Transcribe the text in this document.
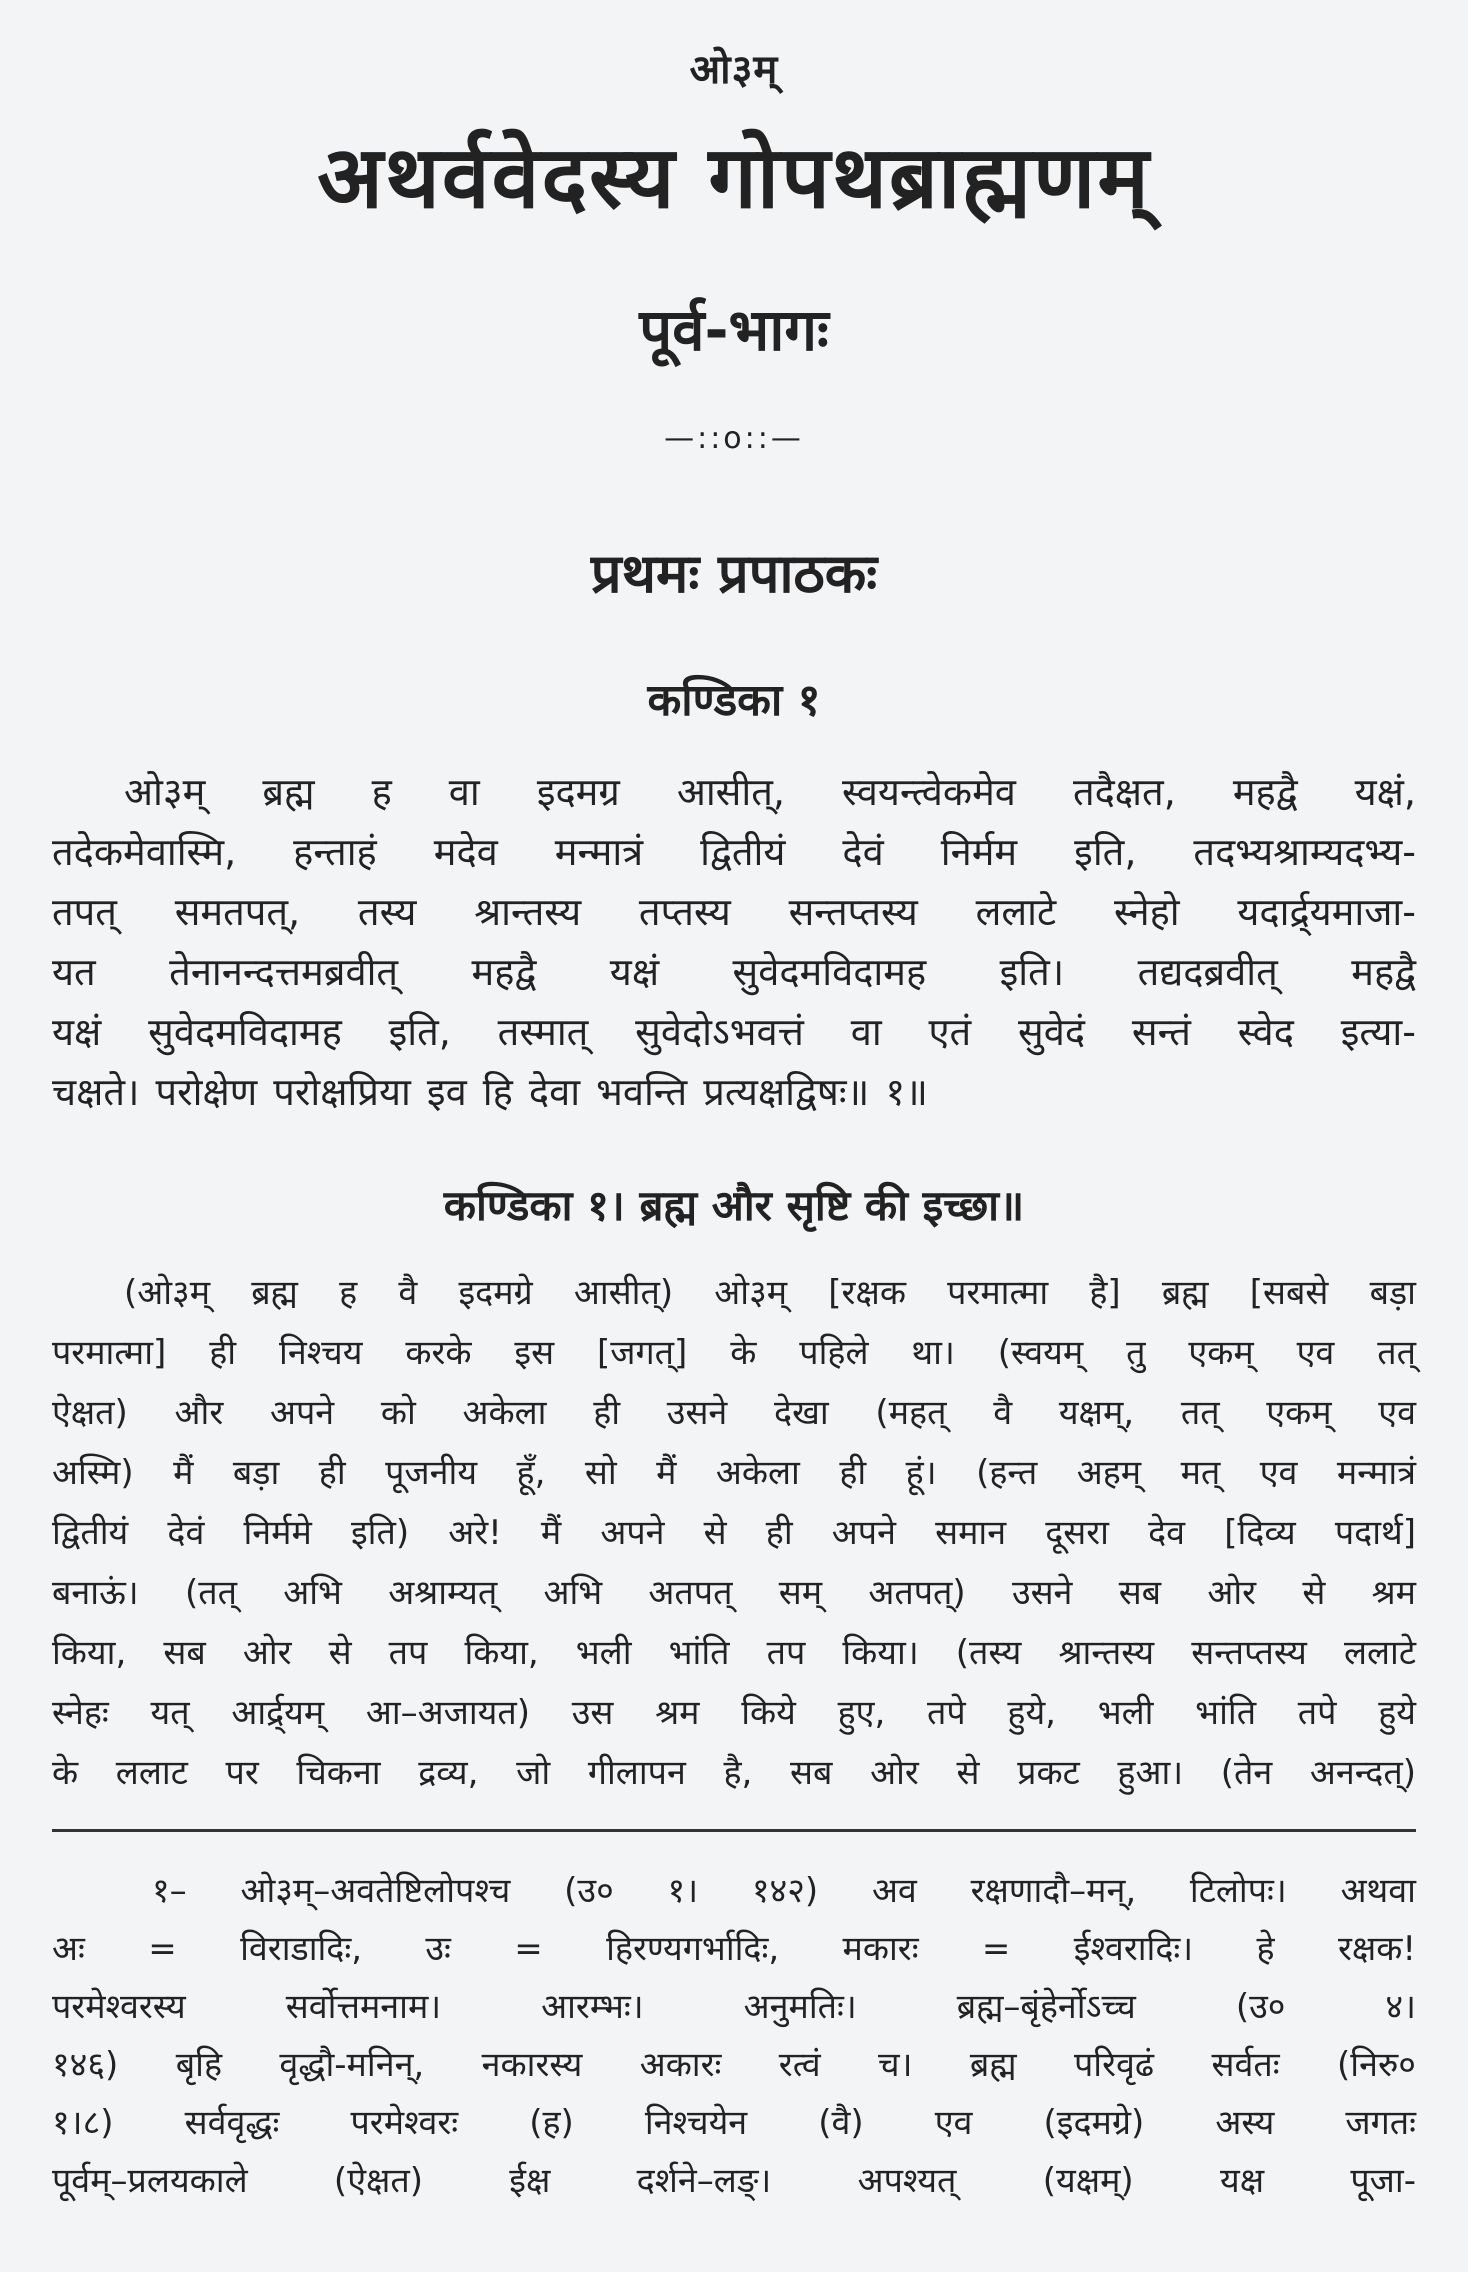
ओ३म्
अथर्ववेदस्य गोपथब्राह्मणम्
पूर्व-भागः
—::o::—
प्रथमः प्रपाठकः
कण्डिका १
ओ३म् ब्रह्म ह वा इदमग्र आसीत्, स्वयन्त्वेकमेव तदैक्षत, महद्वै यक्षं,
तदेकमेवास्मि, हन्ताहं मदेव मन्मात्रं द्वितीयं देवं निर्मम इति, तदभ्यश्राम्यदभ्य-
तपत् समतपत्, तस्य श्रान्तस्य तप्तस्य सन्तप्तस्य ललाटे स्नेहो यदार्द्र्यमाजा-
यत तेनानन्दत्तमब्रवीत् महद्वै यक्षं सुवेदमविदामह इति। तद्यदब्रवीत् महद्वै
यक्षं सुवेदमविदामह इति, तस्मात् सुवेदोऽभवत्तं वा एतं सुवेदं सन्तं स्वेद इत्या-
चक्षते। परोक्षेण परोक्षप्रिया इव हि देवा भवन्ति प्रत्यक्षद्विषः॥ १॥
कण्डिका १। ब्रह्म और सृष्टि की इच्छा॥
(ओ३म् ब्रह्म ह वै इदमग्रे आसीत्) ओ३म् [रक्षक परमात्मा है] ब्रह्म [सबसे बड़ा
परमात्मा] ही निश्चय करके इस [जगत्] के पहिले था। (स्वयम् तु एकम् एव तत्
ऐक्षत) और अपने को अकेला ही उसने देखा (महत् वै यक्षम्, तत् एकम् एव
अस्मि) मैं बड़ा ही पूजनीय हूँ, सो मैं अकेला ही हूं। (हन्त अहम् मत् एव मन्मात्रं
द्वितीयं देवं निर्ममे इति) अरे! मैं अपने से ही अपने समान दूसरा देव [दिव्य पदार्थ]
बनाऊं। (तत् अभि अश्राम्यत् अभि अतपत् सम् अतपत्) उसने सब ओर से श्रम
किया, सब ओर से तप किया, भली भांति तप किया। (तस्य श्रान्तस्य सन्तप्तस्य ललाटे
स्नेहः यत् आर्द्र्यम् आ–अजायत) उस श्रम किये हुए, तपे हुये, भली भांति तपे हुये
के ललाट पर चिकना द्रव्य, जो गीलापन है, सब ओर से प्रकट हुआ। (तेन अनन्दत्)
१– ओ३म्–अवतेष्टिलोपश्च (उ० १। १४२) अव रक्षणादौ–मन्, टिलोपः। अथवा
अः = विराडादिः, उः = हिरण्यगर्भादिः, मकारः = ईश्वरादिः। हे रक्षक!
परमेश्वरस्य सर्वोत्तमनाम। आरम्भः। अनुमतिः। ब्रह्म–बृंहेर्नोऽच्च (उ० ४।
१४६) बृहि वृद्धौ-मनिन्, नकारस्य अकारः रत्वं च। ब्रह्म परिवृढं सर्वतः (निरु०
१।८) सर्ववृद्धः परमेश्वरः (ह) निश्चयेन (वै) एव (इदमग्रे) अस्य जगतः
पूर्वम्–प्रलयकाले (ऐक्षत) ईक्ष दर्शने–लङ्। अपश्यत् (यक्षम्) यक्ष पूजा-
